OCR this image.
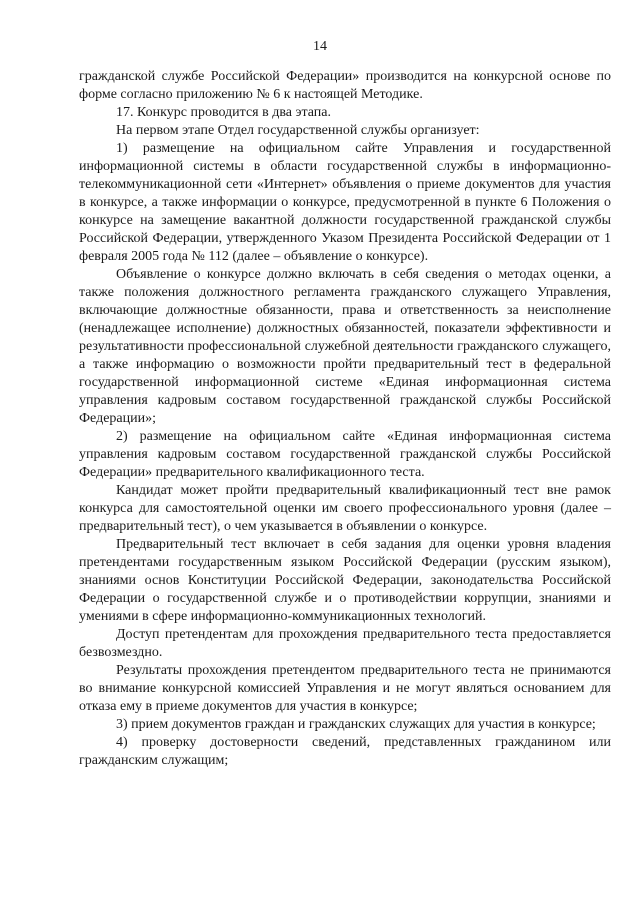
14

гражданской службе Российской Федерации» производится на конкурсной основе по форме согласно приложению № 6 к настоящей Методике.

17. Конкурс проводится в два этапа.

На первом этапе Отдел государственной службы организует:

1) размещение на официальном сайте Управления и государственной информационной системы в области государственной службы в информационно-телекоммуникационной сети «Интернет» объявления о приеме документов для участия в конкурсе, а также информации о конкурсе, предусмотренной в пункте 6 Положения о конкурсе на замещение вакантной должности государственной гражданской службы Российской Федерации, утвержденного Указом Президента Российской Федерации от 1 февраля 2005 года № 112 (далее – объявление о конкурсе).

Объявление о конкурсе должно включать в себя сведения о методах оценки, а также положения должностного регламента гражданского служащего Управления, включающие должностные обязанности, права и ответственность за неисполнение (ненадлежащее исполнение) должностных обязанностей, показатели эффективности и результативности профессиональной служебной деятельности гражданского служащего, а также информацию о возможности пройти предварительный тест в федеральной государственной информационной системе «Единая информационная система управления кадровым составом государственной гражданской службы Российской Федерации»;

2) размещение на официальном сайте «Единая информационная система управления кадровым составом государственной гражданской службы Российской Федерации» предварительного квалификационного теста.

Кандидат может пройти предварительный квалификационный тест вне рамок конкурса для самостоятельной оценки им своего профессионального уровня (далее – предварительный тест), о чем указывается в объявлении о конкурсе.

Предварительный тест включает в себя задания для оценки уровня владения претендентами государственным языком Российской Федерации (русским языком), знаниями основ Конституции Российской Федерации, законодательства Российской Федерации о государственной службе и о противодействии коррупции, знаниями и умениями в сфере информационно-коммуникационных технологий.

Доступ претендентам для прохождения предварительного теста предоставляется безвозмездно.

Результаты прохождения претендентом предварительного теста не принимаются во внимание конкурсной комиссией Управления и не могут являться основанием для отказа ему в приеме документов для участия в конкурсе;

3) прием документов граждан и гражданских служащих для участия в конкурсе;

4) проверку достоверности сведений, представленных гражданином или гражданским служащим;
